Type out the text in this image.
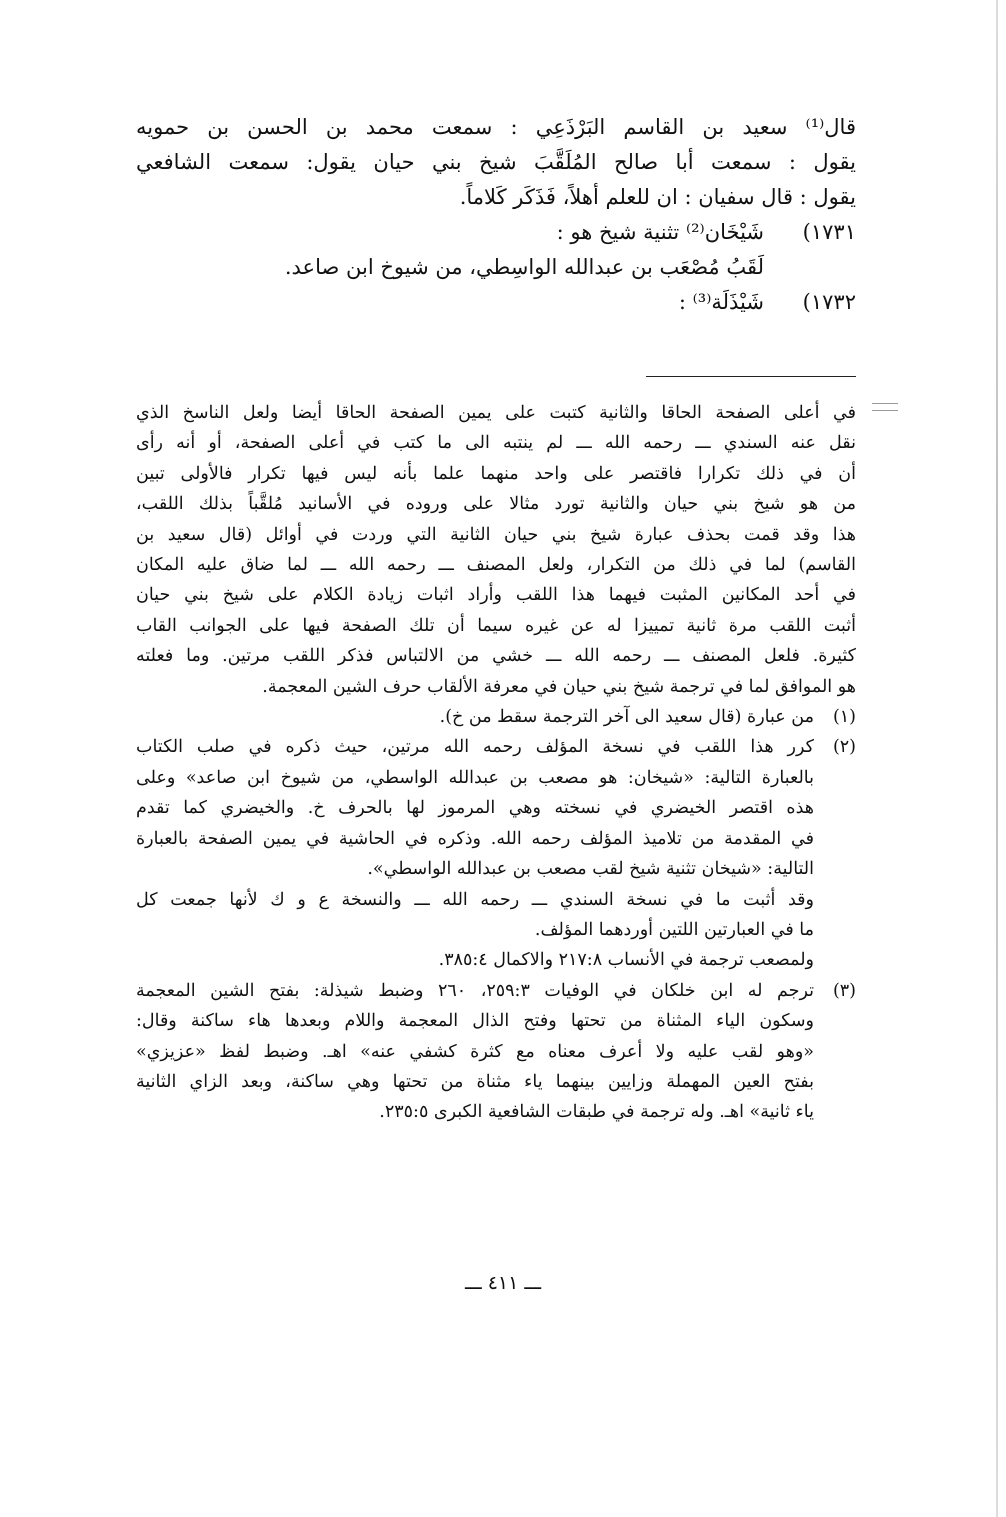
قال⁽¹⁾ سعيد بن القاسم البَرْذَعِي : سمعت محمد بن الحسن بن حمويه

يقول : سمعت أبا صالح المُلَقَّبَ شيخ بني حيان يقول: سمعت الشافعي

يقول : قال سفيان : ان للعلم أهلاً، فَذَكَر كَلاماً.

١٧٣١)
شَيْخَان⁽²⁾ تثنية شيخ هو :

لَقَبُ مُصْعَب بن عبدالله الواسِطي، من شيوخ ابن صاعد.

١٧٣٢)
شَيْذَلَة⁽³⁾ :

في أعلى الصفحة الحاقا والثانية كتبت على يمين الصفحة الحاقا أيضا ولعل الناسخ الذي

نقل عنه السندي ـــ رحمه الله ـــ لم ينتبه الى ما كتب في أعلى الصفحة، أو أنه رأى

أن في ذلك تكرارا فاقتصر على واحد منهما علما بأنه ليس فيها تكرار فالأولى تبين

من هو شيخ بني حيان والثانية تورد مثالا على وروده في الأسانيد مُلقَّباً بذلك اللقب،

هذا وقد قمت بحذف عبارة شيخ بني حيان الثانية التي وردت في أوائل (قال سعيد بن

القاسم) لما في ذلك من التكرار، ولعل المصنف ـــ رحمه الله ـــ لما ضاق عليه المكان

في أحد المكانين المثبت فيهما هذا اللقب وأراد اثبات زيادة الكلام على شيخ بني حيان

أثبت اللقب مرة ثانية تمييزا له عن غيره سيما أن تلك الصفحة فيها على الجوانب القاب

كثيرة. فلعل المصنف ـــ رحمه الله ـــ خشي من الالتباس فذكر اللقب مرتين. وما فعلته

هو الموافق لما في ترجمة شيخ بني حيان في معرفة الألقاب حرف الشين المعجمة.

(١)

من عبارة (قال سعيد الى آخر الترجمة سقط من خ).

(٢)

كرر هذا اللقب في نسخة المؤلف رحمه الله مرتين، حيث ذكره في صلب الكتاب

بالعبارة التالية: «شيخان: هو مصعب بن عبدالله الواسطي، من شيوخ ابن صاعد» وعلى

هذه اقتصر الخيضري في نسخته وهي المرموز لها بالحرف خ. والخيضري كما تقدم

في المقدمة من تلاميذ المؤلف رحمه الله. وذكره في الحاشية في يمين الصفحة بالعبارة

التالية: «شيخان تثنية شيخ لقب مصعب بن عبدالله الواسطي».

وقد أثبت ما في نسخة السندي ـــ رحمه الله ـــ والنسخة ع و ك لأنها جمعت كل

ما في العبارتين اللتين أوردهما المؤلف.

ولمصعب ترجمة في الأنساب ٢١٧:٨ والاكمال ٣٨٥:٤.

(٣)

ترجم له ابن خلكان في الوفيات ٢٥٩:٣، ٢٦٠ وضبط شيذلة: بفتح الشين المعجمة

وسكون الياء المثناة من تحتها وفتح الذال المعجمة واللام وبعدها هاء ساكنة وقال:

«وهو لقب عليه ولا أعرف معناه مع كثرة كشفي عنه» اهـ. وضبط لفظ «عزيزي»

بفتح العين المهملة وزايين بينهما ياء مثناة من تحتها وهي ساكنة، وبعد الزاي الثانية

ياء ثانية» اهـ. وله ترجمة في طبقات الشافعية الكبرى ٢٣٥:٥.

ـــ ٤١١ ـــ
